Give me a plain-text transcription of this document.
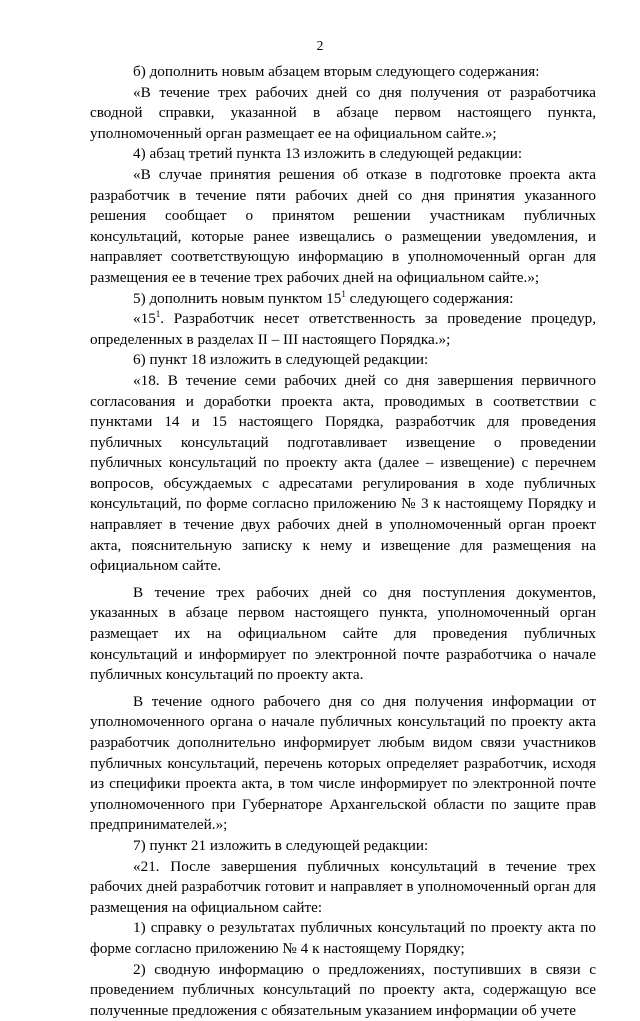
2

б) дополнить новым абзацем вторым следующего содержания:

«В течение трех рабочих дней со дня получения от разработчика сводной справки, указанной в абзаце первом настоящего пункта, уполномоченный орган размещает ее на официальном сайте.»;

4) абзац третий пункта 13 изложить в следующей редакции:

«В случае принятия решения об отказе в подготовке проекта акта разработчик в течение пяти рабочих дней со дня принятия указанного решения сообщает о принятом решении участникам публичных консультаций, которые ранее извещались о размещении уведомления, и направляет соответствующую информацию в уполномоченный орган для размещения ее в течение трех рабочих дней на официальном сайте.»;

5) дополнить новым пунктом $15^1$ следующего содержания:

«$15^1$. Разработчик несет ответственность за проведение процедур, определенных в разделах II – III настоящего Порядка.»;

6) пункт 18 изложить в следующей редакции:

«18. В течение семи рабочих дней со дня завершения первичного согласования и доработки проекта акта, проводимых в соответствии с пунктами 14 и 15 настоящего Порядка, разработчик для проведения публичных консультаций подготавливает извещение о проведении публичных консультаций по проекту акта (далее – извещение) с перечнем вопросов, обсуждаемых с адресатами регулирования в ходе публичных консультаций, по форме согласно приложению № 3 к настоящему Порядку и направляет в течение двух рабочих дней в уполномоченный орган проект акта, пояснительную записку к нему и извещение для размещения на официальном сайте.

В течение трех рабочих дней со дня поступления документов, указанных в абзаце первом настоящего пункта, уполномоченный орган размещает их на официальном сайте для проведения публичных консультаций и информирует по электронной почте разработчика о начале публичных консультаций по проекту акта.

В течение одного рабочего дня со дня получения информации от уполномоченного органа о начале публичных консультаций по проекту акта разработчик дополнительно информирует любым видом связи участников публичных консультаций, перечень которых определяет разработчик, исходя из специфики проекта акта, в том числе информирует по электронной почте уполномоченного при Губернаторе Архангельской области по защите прав предпринимателей.»;

7) пункт 21 изложить в следующей редакции:

«21. После завершения публичных консультаций в течение трех рабочих дней разработчик готовит и направляет в уполномоченный орган для размещения на официальном сайте:

1) справку о результатах публичных консультаций по проекту акта по форме согласно приложению № 4 к настоящему Порядку;

2) сводную информацию о предложениях, поступивших в связи с проведением публичных консультаций по проекту акта, содержащую все полученные предложения с обязательным указанием информации об учете
